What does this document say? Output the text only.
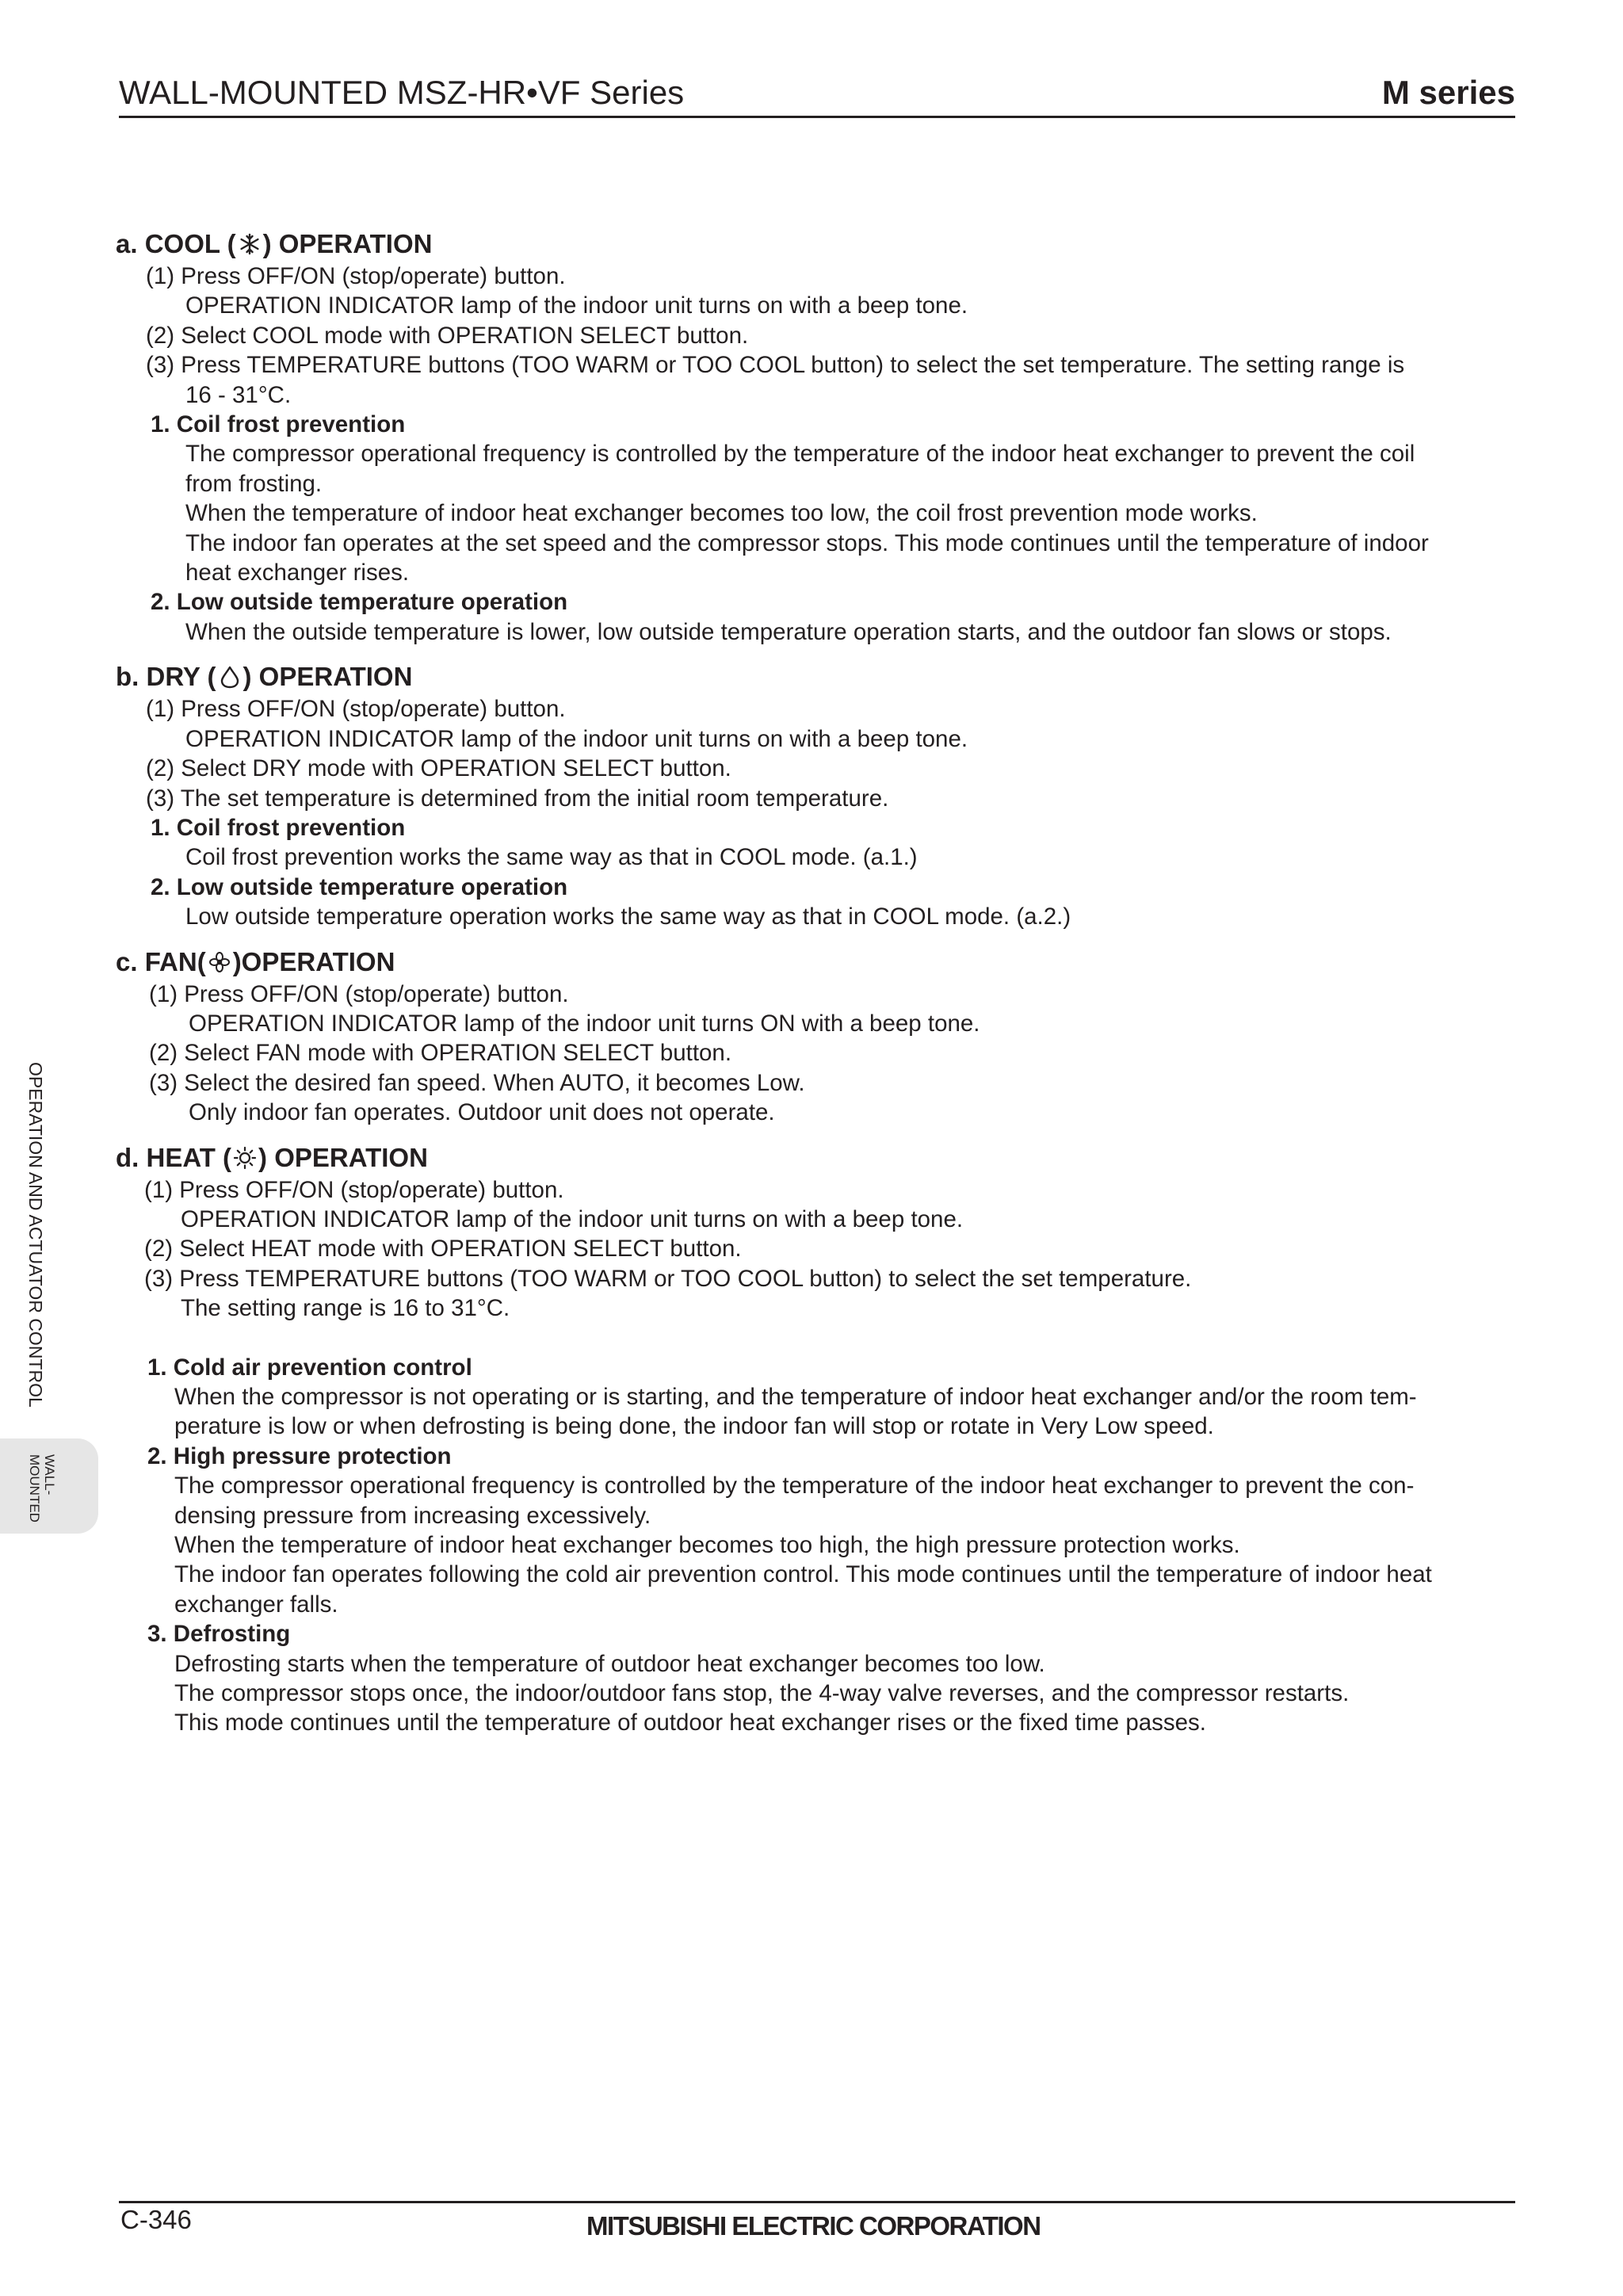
WALL-MOUNTED MSZ-HR•VF Series	M series
OPERATION AND ACTUATOR CONTROL
WALL-
MOUNTED
a. COOL ( ) OPERATION
(1) Press OFF/ON (stop/operate) button.
OPERATION INDICATOR lamp of the indoor unit turns on with a beep tone.
(2) Select COOL mode with OPERATION SELECT button.
(3) Press TEMPERATURE buttons (TOO WARM or TOO COOL button) to select the set temperature. The setting range is
16 - 31°C.
1. Coil frost prevention
The compressor operational frequency is controlled by the temperature of the indoor heat exchanger to prevent the coil
from frosting.
When the temperature of indoor heat exchanger becomes too low, the coil frost prevention mode works.
The indoor fan operates at the set speed and the compressor stops. This mode continues until the temperature of indoor
heat exchanger rises.
2. Low outside temperature operation
When the outside temperature is lower, low outside temperature operation starts, and the outdoor fan slows or stops.
b. DRY ( ) OPERATION
(1) Press OFF/ON (stop/operate) button.
OPERATION INDICATOR lamp of the indoor unit turns on with a beep tone.
(2) Select DRY mode with OPERATION SELECT button.
(3) The set temperature is determined from the initial room temperature.
1. Coil frost prevention
Coil frost prevention works the same way as that in COOL mode. (a.1.)
2. Low outside temperature operation
Low outside temperature operation works the same way as that in COOL mode. (a.2.)
c. FAN( )OPERATION
(1) Press OFF/ON (stop/operate) button.
OPERATION INDICATOR lamp of the indoor unit turns ON with a beep tone.
(2) Select FAN mode with OPERATION SELECT button.
(3) Select the desired fan speed. When AUTO, it becomes Low.
Only indoor fan operates. Outdoor unit does not operate.
d. HEAT ( ) OPERATION
(1) Press OFF/ON (stop/operate) button.
OPERATION INDICATOR lamp of the indoor unit turns on with a beep tone.
(2) Select HEAT mode with OPERATION SELECT button.
(3) Press TEMPERATURE buttons (TOO WARM or TOO COOL button) to select the set temperature.
The setting range is 16 to 31°C.
1. Cold air prevention control
When the compressor is not operating or is starting, and the temperature of indoor heat exchanger and/or the room tem-
perature is low or when defrosting is being done, the indoor fan will stop or rotate in Very Low speed.
2. High pressure protection
The compressor operational frequency is controlled by the temperature of the indoor heat exchanger to prevent the con-
densing pressure from increasing excessively.
When the temperature of indoor heat exchanger becomes too high, the high pressure protection works.
The indoor fan operates following the cold air prevention control. This mode continues until the temperature of indoor heat
exchanger falls.
3. Defrosting
Defrosting starts when the temperature of outdoor heat exchanger becomes too low.
The compressor stops once, the indoor/outdoor fans stop, the 4-way valve reverses, and the compressor restarts.
This mode continues until the temperature of outdoor heat exchanger rises or the fixed time passes.
C-346	MITSUBISHI ELECTRIC CORPORATION
